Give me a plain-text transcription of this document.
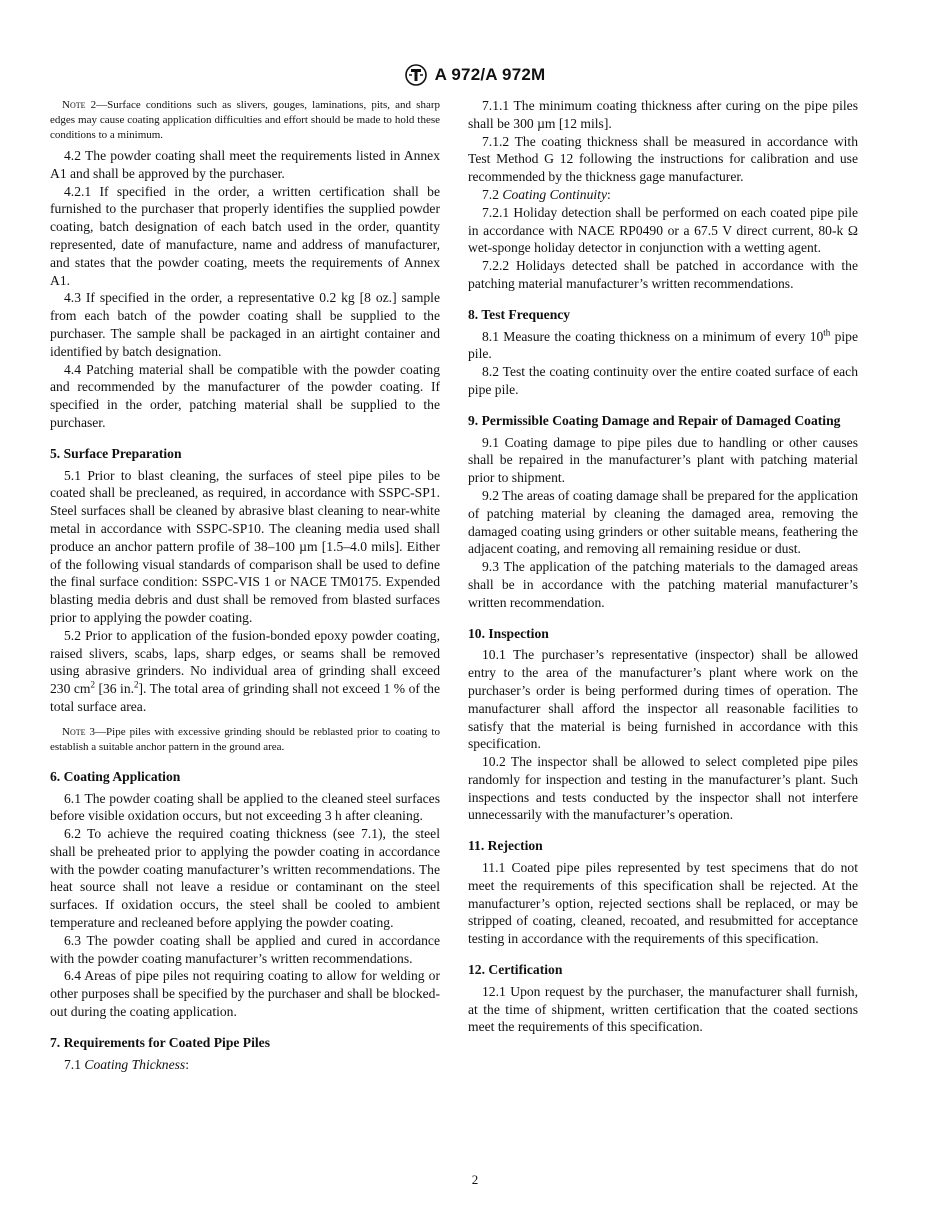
A 972/A 972M

Note 2—Surface conditions such as slivers, gouges, laminations, pits, and sharp edges may cause coating application difficulties and effort should be made to hold these conditions to a minimum.

4.2 The powder coating shall meet the requirements listed in Annex A1 and shall be approved by the purchaser.

4.2.1 If specified in the order, a written certification shall be furnished to the purchaser that properly identifies the supplied powder coating, batch designation of each batch used in the order, quantity represented, date of manufacture, name and address of manufacturer, and states that the powder coating, meets the requirements of Annex A1.

4.3 If specified in the order, a representative 0.2 kg [8 oz.] sample from each batch of the powder coating shall be supplied to the purchaser. The sample shall be packaged in an airtight container and identified by batch designation.

4.4 Patching material shall be compatible with the powder coating and recommended by the manufacturer of the powder coating. If specified in the order, patching material shall be supplied to the purchaser.

5. Surface Preparation

5.1 Prior to blast cleaning, the surfaces of steel pipe piles to be coated shall be precleaned, as required, in accordance with SSPC-SP1. Steel surfaces shall be cleaned by abrasive blast cleaning to near-white metal in accordance with SSPC-SP10. The cleaning media used shall produce an anchor pattern profile of 38–100 µm [1.5–4.0 mils]. Either of the following visual standards of comparison shall be used to define the final surface condition: SSPC-VIS 1 or NACE TM0175. Expended blasting media debris and dust shall be removed from blasted surfaces prior to applying the powder coating.

5.2 Prior to application of the fusion-bonded epoxy powder coating, raised slivers, scabs, laps, sharp edges, or seams shall be removed using abrasive grinders. No individual area of grinding shall exceed 230 $cm^2$ [36 in.$^2$]. The total area of grinding shall not exceed 1 % of the total surface area.

Note 3—Pipe piles with excessive grinding should be reblasted prior to coating to establish a suitable anchor pattern in the ground area.

6. Coating Application

6.1 The powder coating shall be applied to the cleaned steel surfaces before visible oxidation occurs, but not exceeding 3 h after cleaning.

6.2 To achieve the required coating thickness (see 7.1), the steel shall be preheated prior to applying the powder coating in accordance with the powder coating manufacturer’s written recommendations. The heat source shall not leave a residue or contaminant on the steel surfaces. If oxidation occurs, the steel shall be cooled to ambient temperature and recleaned before applying the powder coating.

6.3 The powder coating shall be applied and cured in accordance with the powder coating manufacturer’s written recommendations.

6.4 Areas of pipe piles not requiring coating to allow for welding or other purposes shall be specified by the purchaser and shall be blocked-out during the coating application.

7. Requirements for Coated Pipe Piles

7.1 Coating Thickness:

7.1.1 The minimum coating thickness after curing on the pipe piles shall be 300 µm [12 mils].

7.1.2 The coating thickness shall be measured in accordance with Test Method G 12 following the instructions for calibration and use recommended by the thickness gage manufacturer.

7.2 Coating Continuity:

7.2.1 Holiday detection shall be performed on each coated pipe pile in accordance with NACE RP0490 or a 67.5 V direct current, 80-k Ω wet-sponge holiday detector in conjunction with a wetting agent.

7.2.2 Holidays detected shall be patched in accordance with the patching material manufacturer’s written recommendations.

8. Test Frequency

8.1 Measure the coating thickness on a minimum of every 10th pipe pile.

8.2 Test the coating continuity over the entire coated surface of each pipe pile.

9. Permissible Coating Damage and Repair of Damaged Coating

9.1 Coating damage to pipe piles due to handling or other causes shall be repaired in the manufacturer’s plant with patching material prior to shipment.

9.2 The areas of coating damage shall be prepared for the application of patching material by cleaning the damaged area, removing the damaged coating using grinders or other suitable means, feathering the adjacent coating, and removing all remaining residue or dust.

9.3 The application of the patching materials to the damaged areas shall be in accordance with the patching material manufacturer’s written recommendation.

10. Inspection

10.1 The purchaser’s representative (inspector) shall be allowed entry to the area of the manufacturer’s plant where work on the purchaser’s order is being performed during times of operation. The manufacturer shall afford the inspector all reasonable facilities to satisfy that the material is being furnished in accordance with this specification.

10.2 The inspector shall be allowed to select completed pipe piles randomly for inspection and testing in the manufacturer’s plant. Such inspections and tests conducted by the inspector shall not interfere unnecessarily with the manufacturer’s operation.

11. Rejection

11.1 Coated pipe piles represented by test specimens that do not meet the requirements of this specification shall be rejected. At the manufacturer’s option, rejected sections shall be replaced, or may be stripped of coating, cleaned, recoated, and resubmitted for acceptance testing in accordance with the requirements of this specification.

12. Certification

12.1 Upon request by the purchaser, the manufacturer shall furnish, at the time of shipment, written certification that the coated sections meet the requirements of this specification.

2
